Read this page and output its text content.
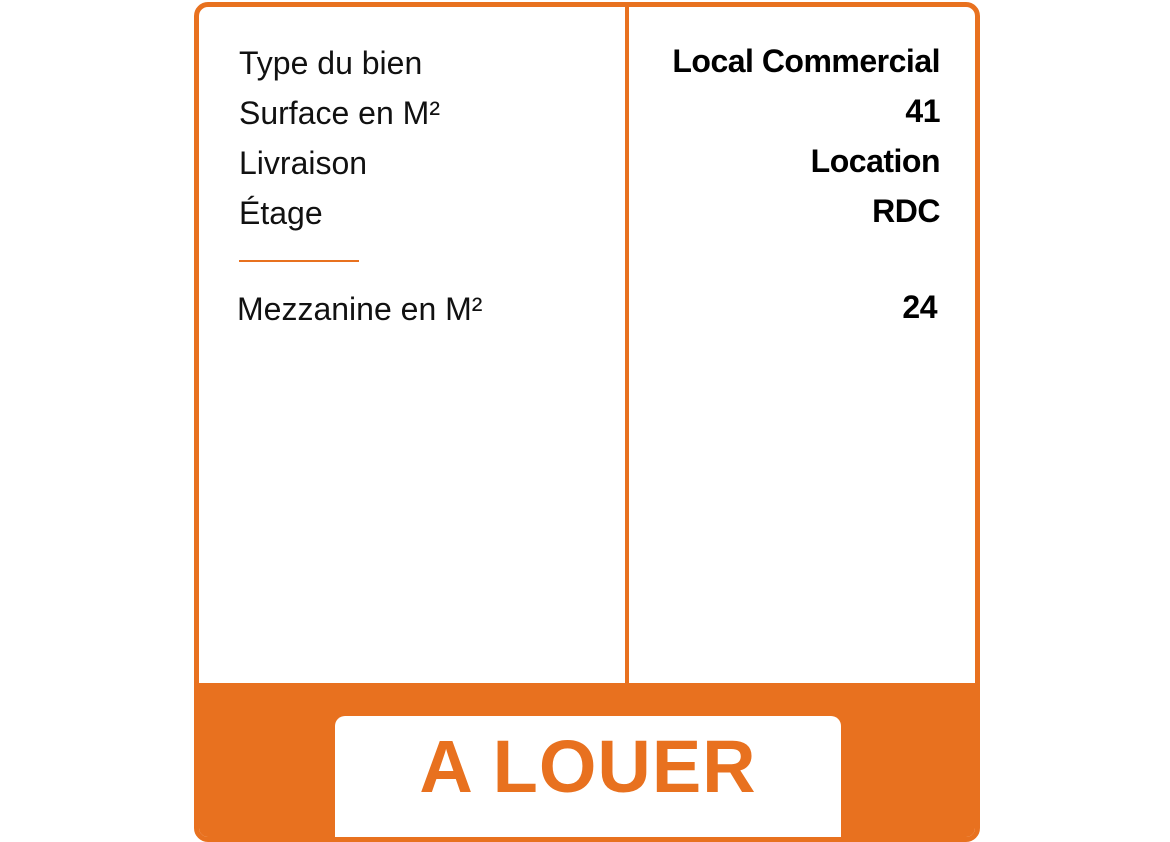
Type du bien	Local Commercial
Surface en M²	41
Livraison	Location
Étage	RDC
Mezzanine en M²	24
A LOUER
